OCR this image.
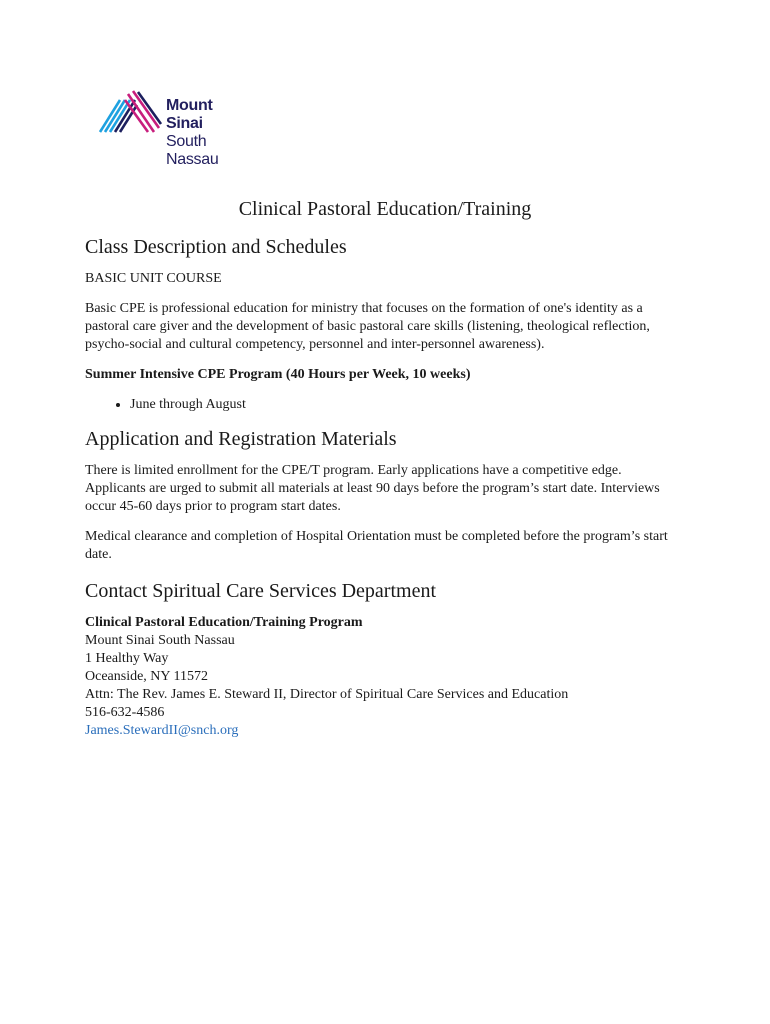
Mount
Sinai
South
Nassau
Clinical Pastoral Education/Training
Class Description and Schedules

BASIC UNIT COURSE

Basic CPE is professional education for ministry that focuses on the formation of one's identity as a pastoral care giver and the development of basic pastoral care skills (listening, theological reflection, psycho-social and cultural competency, personnel and inter-personnel awareness).

Summer Intensive CPE Program (40 Hours per Week, 10 weeks)

• June through August
Application and Registration Materials

There is limited enrollment for the CPE/T program. Early applications have a competitive edge. Applicants are urged to submit all materials at least 90 days before the program’s start date. Interviews occur 45-60 days prior to program start dates.

Medical clearance and completion of Hospital Orientation must be completed before the program’s start date.

Contact Spiritual Care Services Department

Clinical Pastoral Education/Training Program

Mount Sinai South Nassau

1 Healthy Way

Oceanside, NY 11572

Attn: The Rev. James E. Steward II, Director of Spiritual Care Services and Education

516-632-4586

James.StewardII@snch.org
